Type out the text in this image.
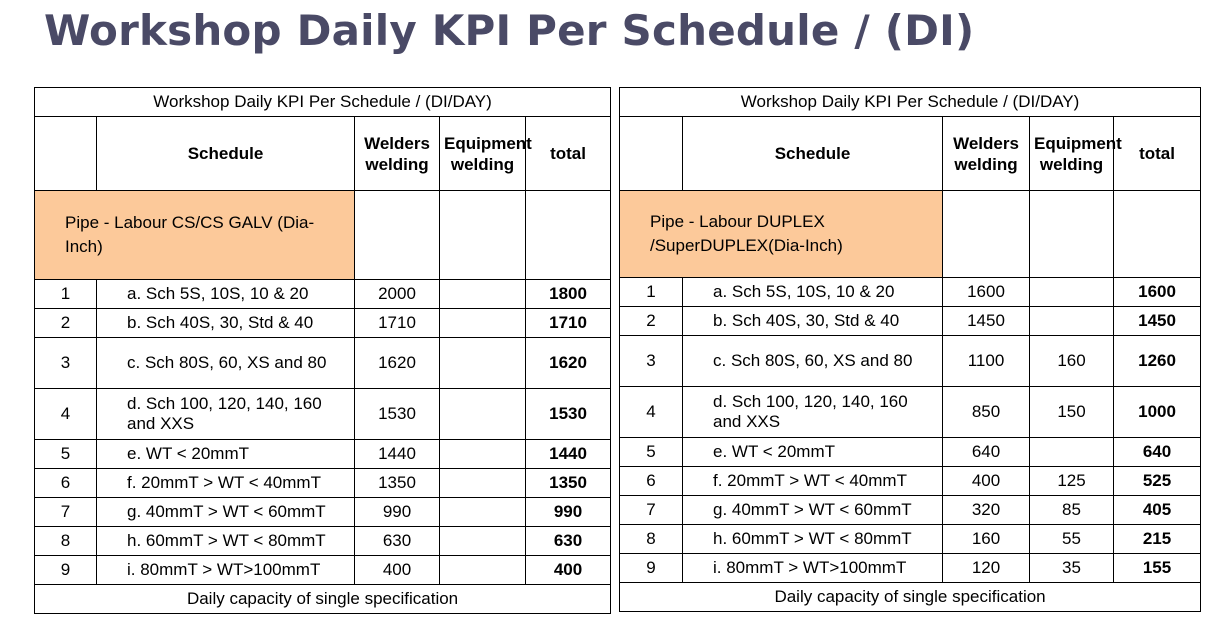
Workshop Daily KPI Per Schedule / (DI)
Workshop Daily KPI Per Schedule / (DI/DAY)				
	Schedule	Welders welding	Equipment welding	total
Pipe - Labour CS/CS GALV (Dia-Inch)				
1	a. Sch 5S, 10S, 10 & 20	2000		1800
2	b. Sch 40S, 30, Std & 40	1710		1710
3	c. Sch 80S, 60, XS and 80	1620		1620
4	d. Sch 100, 120, 140, 160 and XXS	1530		1530
5	e. WT < 20mmT	1440		1440
6	f. 20mmT > WT < 40mmT	1350		1350
7	g. 40mmT > WT < 60mmT	990		990
8	h. 60mmT > WT < 80mmT	630		630
9	i. 80mmT > WT>100mmT	400		400
Daily capacity of single specification				
Workshop Daily KPI Per Schedule / (DI/DAY)				
	Schedule	Welders welding	Equipment welding	total
Pipe - Labour DUPLEX /SuperDUPLEX(Dia-Inch)				
1	a. Sch 5S, 10S, 10 & 20	1600		1600
2	b. Sch 40S, 30, Std & 40	1450		1450
3	c. Sch 80S, 60, XS and 80	1100	160	1260
4	d. Sch 100, 120, 140, 160 and XXS	850	150	1000
5	e. WT < 20mmT	640		640
6	f. 20mmT > WT < 40mmT	400	125	525
7	g. 40mmT > WT < 60mmT	320	85	405
8	h. 60mmT > WT < 80mmT	160	55	215
9	i. 80mmT > WT>100mmT	120	35	155
Daily capacity of single specification				
